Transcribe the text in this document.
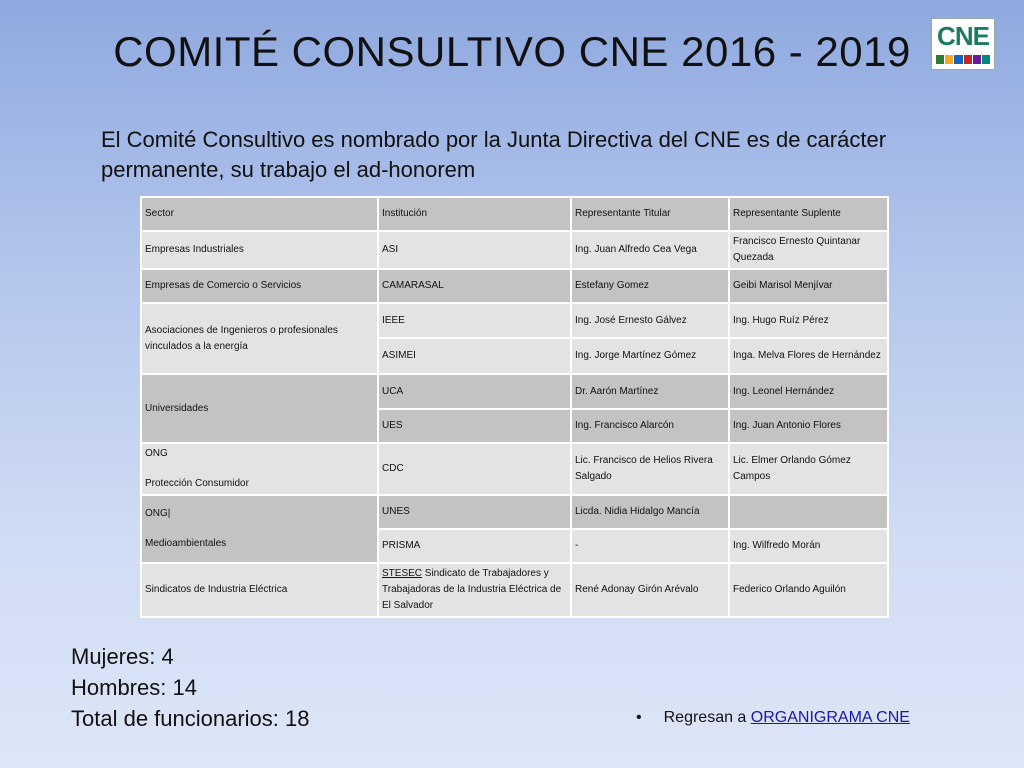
COMITÉ CONSULTIVO CNE 2016 - 2019	CNE
El Comité Consultivo es nombrado por la Junta Directiva del CNE es de carácter permanente, su trabajo el ad-honorem
Sector	Institución	Representante Titular	Representante Suplente
Empresas Industriales	ASI	Ing. Juan Alfredo Cea Vega	Francisco Ernesto Quintanar Quezada
Empresas de Comercio o Servicios	CAMARASAL	Estefany Gomez	Geibi Marisol Menjívar
Asociaciones de Ingenieros o profesionales vinculados a la energía	IEEE	Ing. José Ernesto Gálvez	Ing. Hugo Ruíz Pérez
	ASIMEI	Ing. Jorge Martínez Gómez	Inga. Melva Flores de Hernández
Universidades	UCA	Dr. Aarón Martínez	Ing. Leonel Hernández
	UES	Ing. Francisco Alarcón	Ing. Juan Antonio Flores

ONG
Protección Consumidor	CDC	Lic. Francisco de Helios Rivera Salgado	Lic. Elmer Orlando Gómez Campos

ONG|
Medioambientales	UNES	Licda. Nidia Hidalgo Mancía	
	PRISMA	-	Ing. Wilfredo Morán
Sindicatos de Industria Eléctrica	STESEC Sindicato de Trabajadores y Trabajadoras de la Industria Eléctrica de El Salvador	René Adonay Girón Arévalo	Federico Orlando Aguilón
Mujeres: 4
Hombres: 14
Total de funcionarios: 18	• Regresan a ORGANIGRAMA CNE
